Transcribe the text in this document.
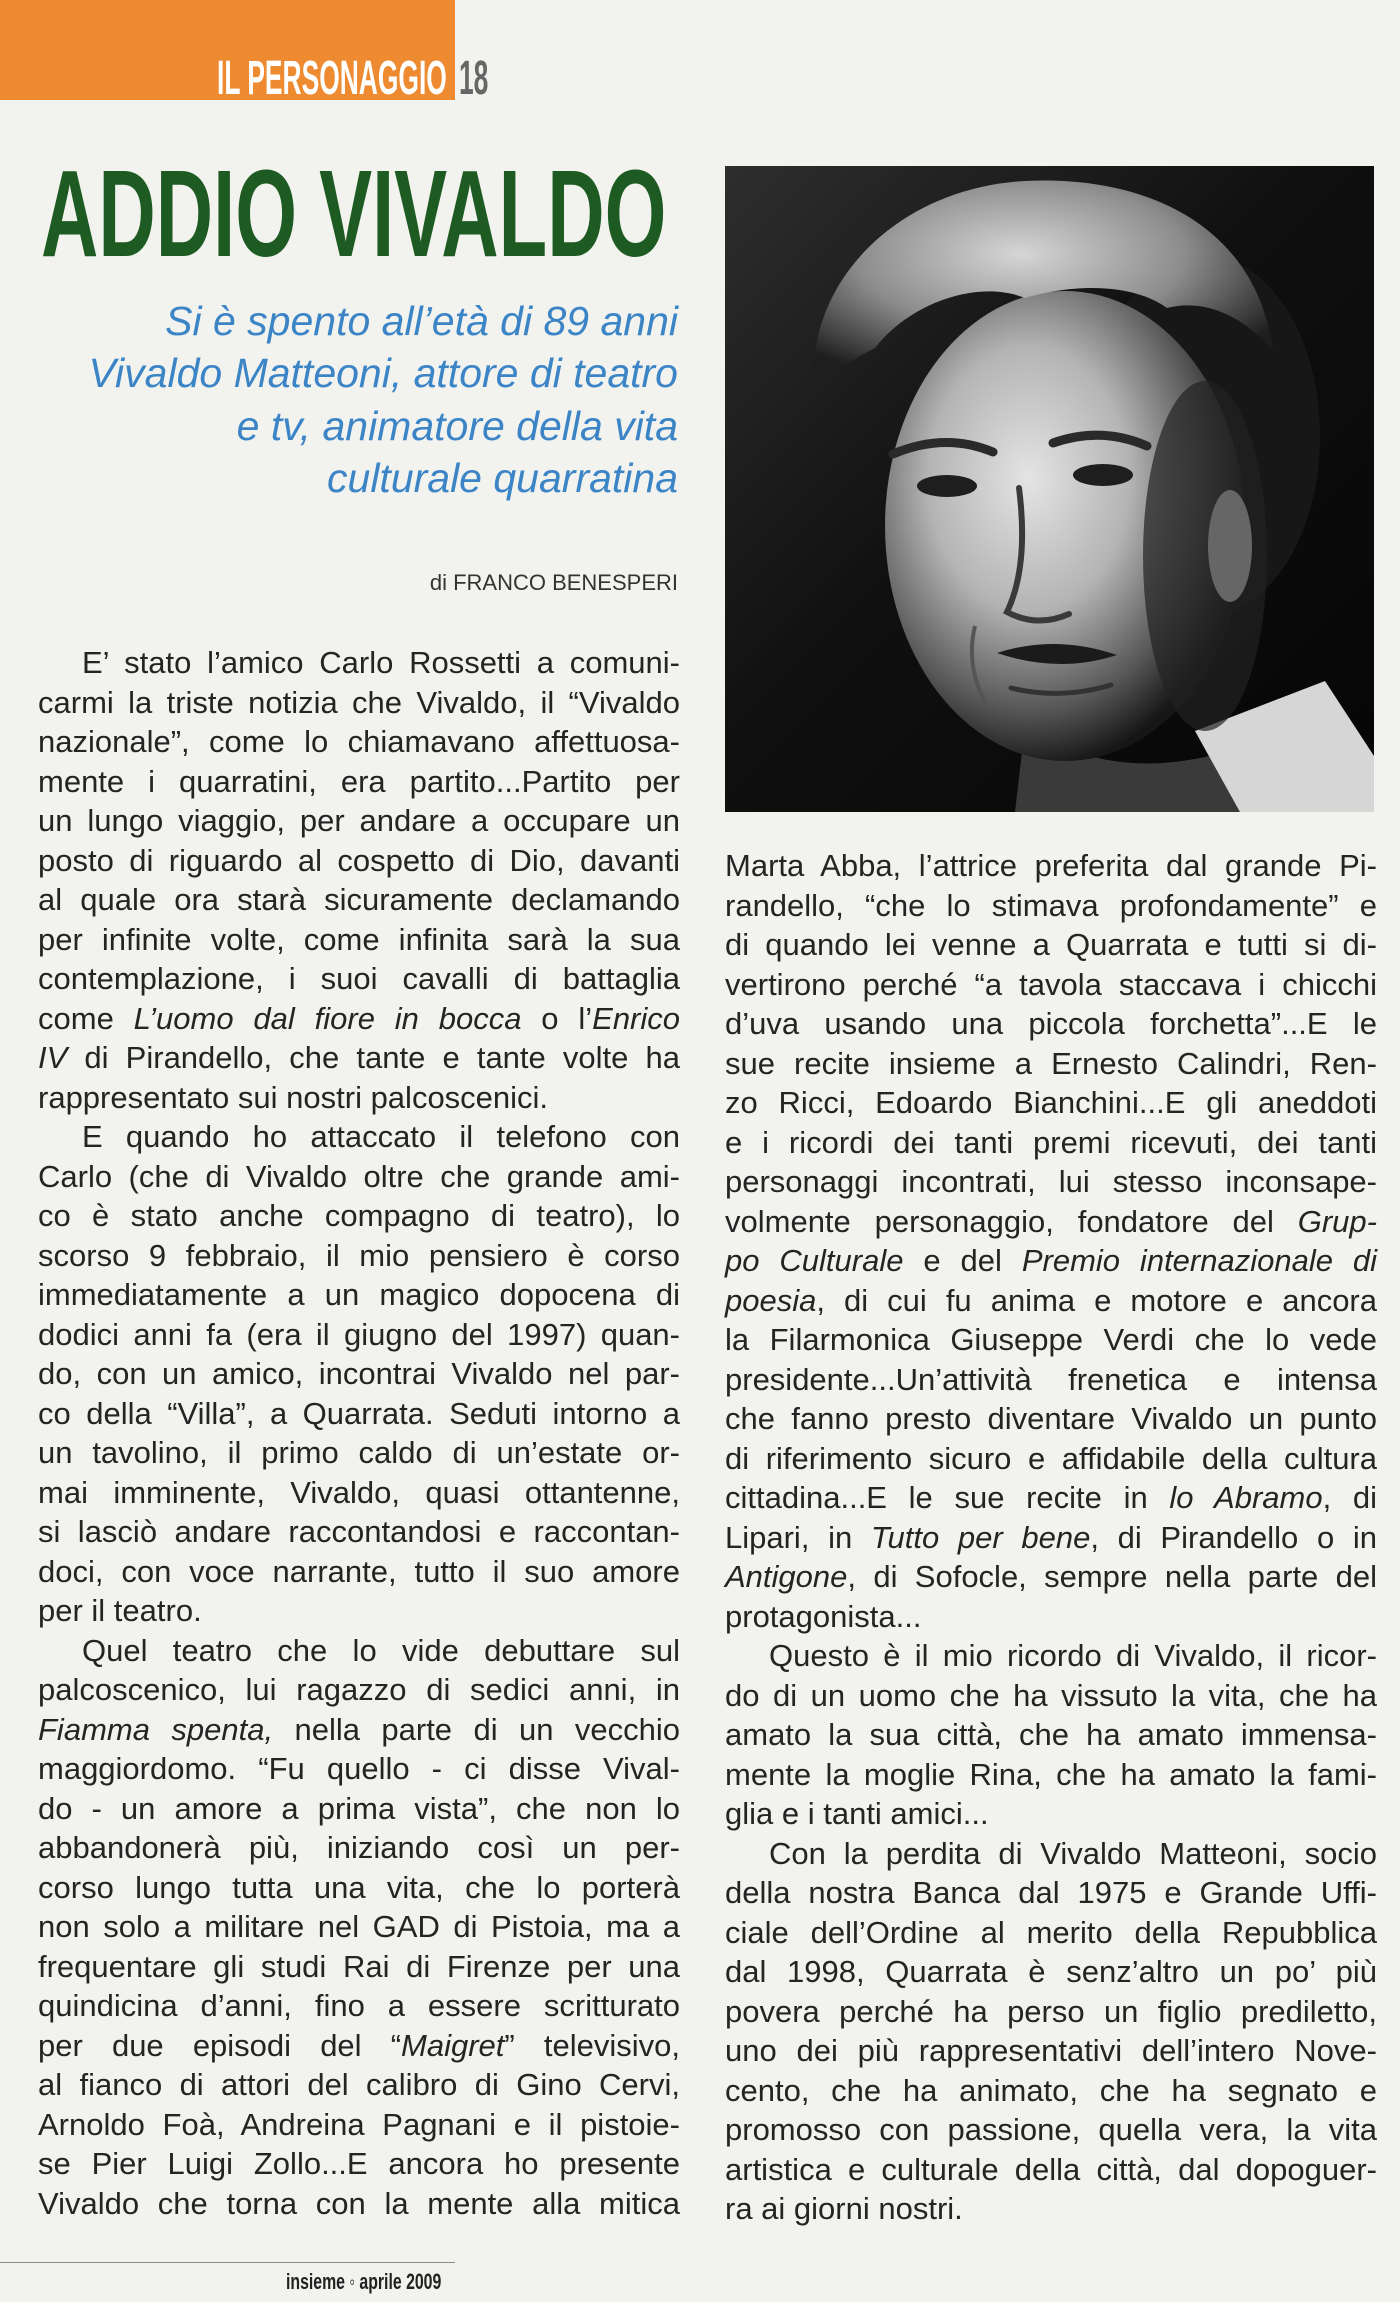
IL PERSONAGGIO 18
ADDIO VIVALDO
Si è spento all’età di 89 anni
Vivaldo Matteoni, attore di teatro
e tv, animatore della vita
culturale quarratina
di FRANCO BENESPERI
E’ stato l’amico Carlo Rossetti a comuni-
carmi la triste notizia che Vivaldo, il “Vivaldo
nazionale”, come lo chiamavano affettuosa-
mente i quarratini, era partito...Partito per
un lungo viaggio, per andare a occupare un
posto di riguardo al cospetto di Dio, davanti
al quale ora starà sicuramente declamando
per infinite volte, come infinita sarà la sua
contemplazione, i suoi cavalli di battaglia
come L’uomo dal fiore in bocca o l’Enrico
IV di Pirandello, che tante e tante volte ha
rappresentato sui nostri palcoscenici.
E quando ho attaccato il telefono con
Carlo (che di Vivaldo oltre che grande ami-
co è stato anche compagno di teatro), lo
scorso 9 febbraio, il mio pensiero è corso
immediatamente a un magico dopocena di
dodici anni fa (era il giugno del 1997) quan-
do, con un amico, incontrai Vivaldo nel par-
co della “Villa”, a Quarrata. Seduti intorno a
un tavolino, il primo caldo di un’estate or-
mai imminente, Vivaldo, quasi ottantenne,
si lasciò andare raccontandosi e raccontan-
doci, con voce narrante, tutto il suo amore
per il teatro.
Quel teatro che lo vide debuttare sul
palcoscenico, lui ragazzo di sedici anni, in
Fiamma spenta, nella parte di un vecchio
maggiordomo. “Fu quello - ci disse Vival-
do - un amore a prima vista”, che non lo
abbandonerà più, iniziando così un per-
corso lungo tutta una vita, che lo porterà
non solo a militare nel GAD di Pistoia, ma a
frequentare gli studi Rai di Firenze per una
quindicina d’anni, fino a essere scritturato
per due episodi del “Maigret” televisivo,
al fianco di attori del calibro di Gino Cervi,
Arnoldo Foà, Andreina Pagnani e il pistoie-
se Pier Luigi Zollo...E ancora ho presente
Vivaldo che torna con la mente alla mitica
Marta Abba, l’attrice preferita dal grande Pi-
randello, “che lo stimava profondamente” e
di quando lei venne a Quarrata e tutti si di-
vertirono perché “a tavola staccava i chicchi
d’uva usando una piccola forchetta”...E le
sue recite insieme a Ernesto Calindri, Ren-
zo Ricci, Edoardo Bianchini...E gli aneddoti
e i ricordi dei tanti premi ricevuti, dei tanti
personaggi incontrati, lui stesso inconsape-
volmente personaggio, fondatore del Grup-
po Culturale e del Premio internazionale di
poesia, di cui fu anima e motore e ancora
la Filarmonica Giuseppe Verdi che lo vede
presidente...Un’attività frenetica e intensa
che fanno presto diventare Vivaldo un punto
di riferimento sicuro e affidabile della cultura
cittadina...E le sue recite in lo Abramo, di
Lipari, in Tutto per bene, di Pirandello o in
Antigone, di Sofocle, sempre nella parte del
protagonista...
Questo è il mio ricordo di Vivaldo, il ricor-
do di un uomo che ha vissuto la vita, che ha
amato la sua città, che ha amato immensa-
mente la moglie Rina, che ha amato la fami-
glia e i tanti amici...
Con la perdita di Vivaldo Matteoni, socio
della nostra Banca dal 1975 e Grande Uffi-
ciale dell’Ordine al merito della Repubblica
dal 1998, Quarrata è senz’altro un po’ più
povera perché ha perso un figlio prediletto,
uno dei più rappresentativi dell’intero Nove-
cento, che ha animato, che ha segnato e
promosso con passione, quella vera, la vita
artistica e culturale della città, dal dopoguer-
ra ai giorni nostri.
insieme ◦ aprile 2009
